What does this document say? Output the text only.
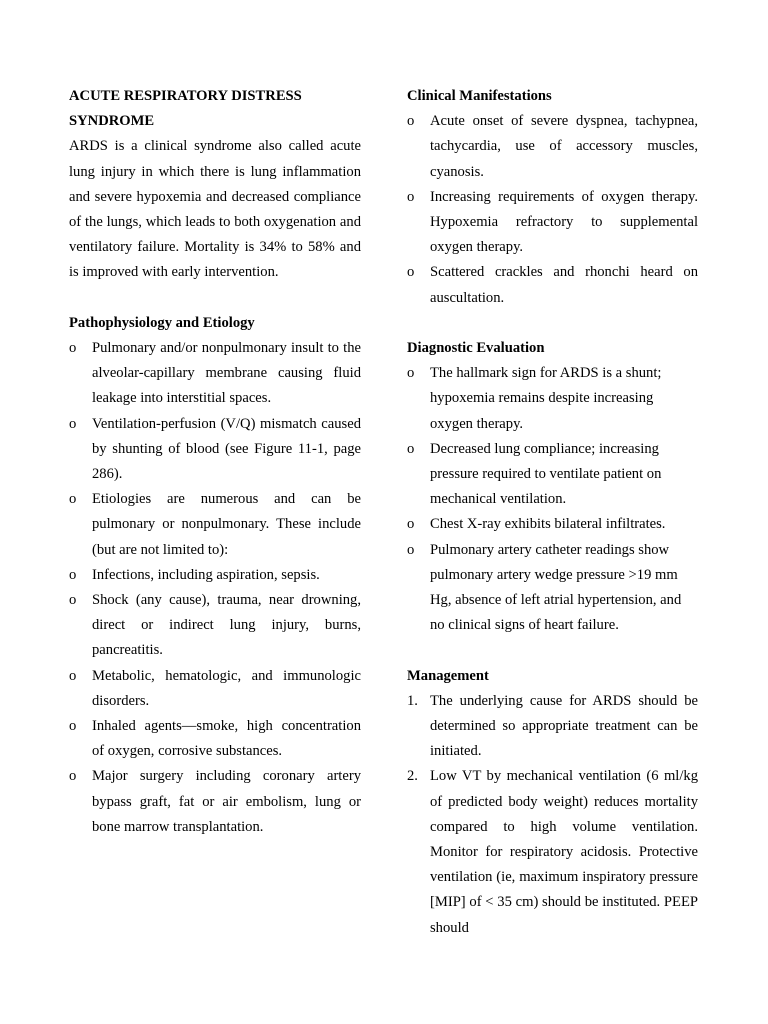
ACUTE RESPIRATORY DISTRESS

SYNDROME

ARDS is a clinical syndrome also called acute lung injury in which there is lung inflammation and severe hypoxemia and decreased compliance of the lungs, which leads to both oxygenation and ventilatory failure. Mortality is 34% to 58% and is improved with early intervention.

Pathophysiology and Etiology

o	Pulmonary and/or nonpulmonary insult to the alveolar-capillary membrane causing fluid leakage into interstitial spaces.
o	Ventilation-perfusion (V/Q) mismatch caused by shunting of blood (see Figure 11-1, page 286).
o	Etiologies are numerous and can be pulmonary or nonpulmonary. These include (but are not limited to):
o	Infections, including aspiration, sepsis.
o	Shock (any cause), trauma, near drowning, direct or indirect lung injury, burns, pancreatitis.
o	Metabolic, hematologic, and immunologic disorders.
o	Inhaled agents—smoke, high concentration of oxygen, corrosive substances.
o	Major surgery including coronary artery bypass graft, fat or air embolism, lung or bone marrow transplantation.

Clinical Manifestations

o	Acute onset of severe dyspnea, tachypnea, tachycardia, use of accessory muscles, cyanosis.
o	Increasing requirements of oxygen therapy. Hypoxemia refractory to supplemental oxygen therapy.
o	Scattered crackles and rhonchi heard on auscultation.

Diagnostic Evaluation

o	The hallmark sign for ARDS is a shunt; hypoxemia remains despite increasing oxygen therapy.
o	Decreased lung compliance; increasing pressure required to ventilate patient on mechanical ventilation.
o	Chest X-ray exhibits bilateral infiltrates.
o	Pulmonary artery catheter readings show pulmonary artery wedge pressure >19 mm Hg, absence of left atrial hypertension, and no clinical signs of heart failure.

Management

1. The underlying cause for ARDS should be determined so appropriate treatment can be initiated.
2. Low VT by mechanical ventilation (6 ml/kg of predicted body weight) reduces mortality compared to high volume ventilation. Monitor for respiratory acidosis. Protective ventilation (ie, maximum inspiratory pressure [MIP] of < 35 cm) should be instituted. PEEP should
